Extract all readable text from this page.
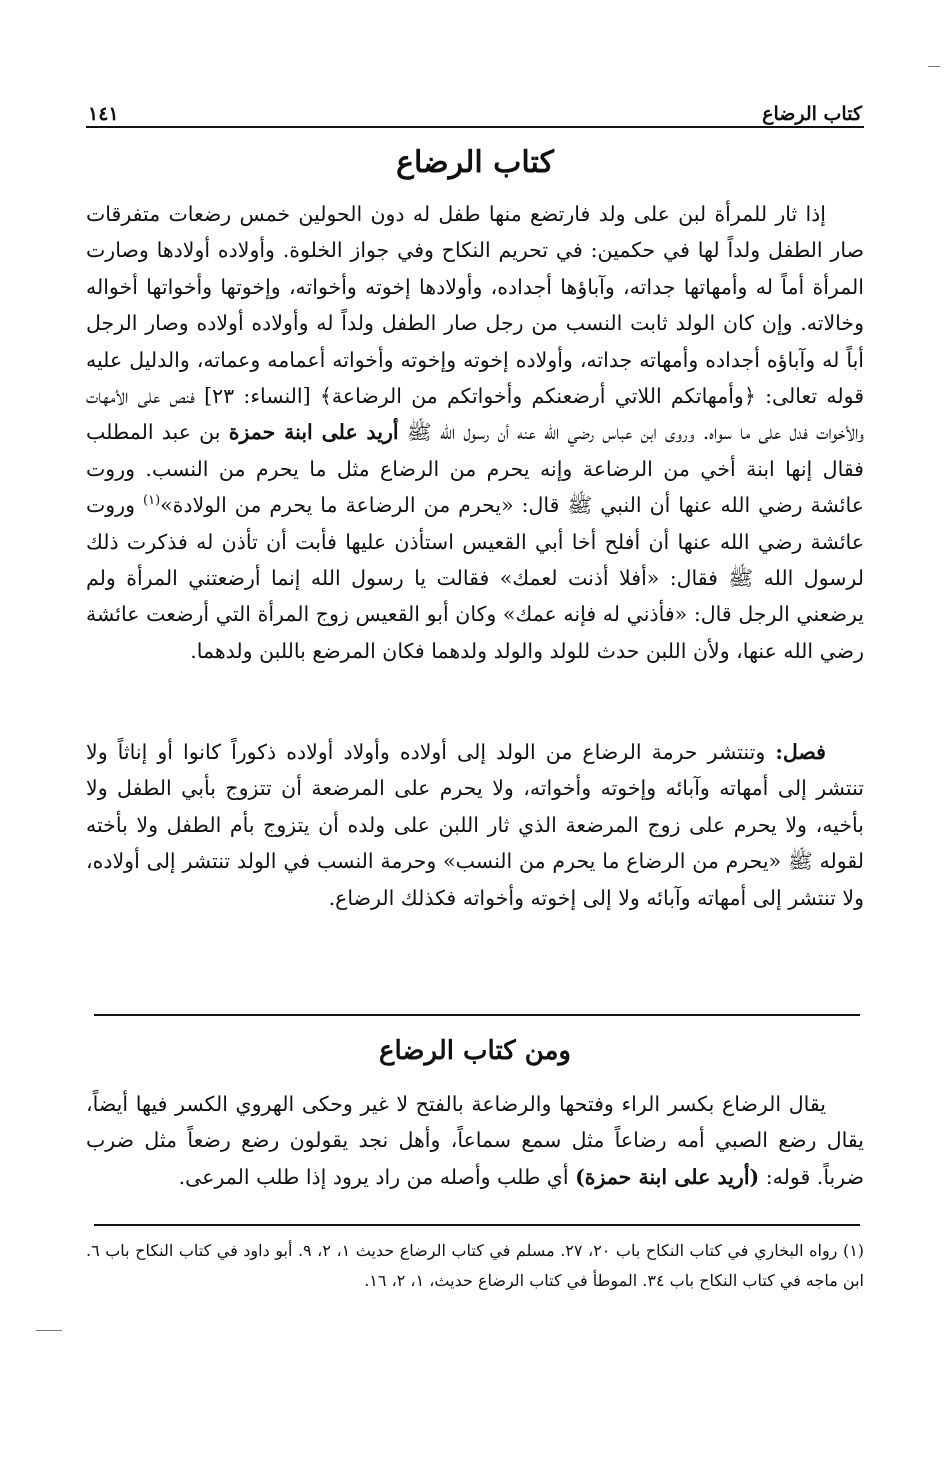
كتاب الرضاع
١٤١
كتاب الرضاع

إذا ثار للمرأة لبن على ولد فارتضع منها طفل له دون الحولين خمس رضعات متفرقات صار الطفل ولداً لها في حكمين: في تحريم النكاح وفي جواز الخلوة. وأولاده أولادها وصارت المرأة أماً له وأمهاتها جداته، وآباؤها أجداده، وأولادها إخوته وأخواته، وإخوتها وأخواتها أخواله وخالاته. وإن كان الولد ثابت النسب من رجل صار الطفل ولداً له وأولاده أولاده وصار الرجل أباً له وآباؤه أجداده وأمهاته جداته، وأولاده إخوته وإخوته وأخواته أعمامه وعماته، والدليل عليه قوله تعالى: ﴿وأمهاتكم اللاتي أرضعنكم وأخواتكم من الرضاعة﴾ [النساء: ٢٣] فنص على الأمهات والأخوات فدل على ما سواه. وروى ابن عباس رضي الله عنه أن رسول الله ﷺ أريد على ابنة حمزة بن عبد المطلب فقال إنها ابنة أخي من الرضاعة وإنه يحرم من الرضاع مثل ما يحرم من النسب. وروت عائشة رضي الله عنها أن النبي ﷺ قال: «يحرم من الرضاعة ما يحرم من الولادة»$^{(١)}$ وروت عائشة رضي الله عنها أن أفلح أخا أبي القعيس استأذن عليها فأبت أن تأذن له فذكرت ذلك لرسول الله ﷺ فقال: «أفلا أذنت لعمك» فقالت يا رسول الله إنما أرضعتني المرأة ولم يرضعني الرجل قال: «فأذني له فإنه عمك» وكان أبو القعيس زوج المرأة التي أرضعت عائشة رضي الله عنها، ولأن اللبن حدث للولد والولد ولدهما فكان المرضع باللبن ولدهما.

فصل: وتنتشر حرمة الرضاع من الولد إلى أولاده وأولاد أولاده ذكوراً كانوا أو إناثاً ولا تنتشر إلى أمهاته وآبائه وإخوته وأخواته، ولا يحرم على المرضعة أن تتزوج بأبي الطفل ولا بأخيه، ولا يحرم على زوج المرضعة الذي ثار اللبن على ولده أن يتزوج بأم الطفل ولا بأخته لقوله ﷺ «يحرم من الرضاع ما يحرم من النسب» وحرمة النسب في الولد تنتشر إلى أولاده، ولا تنتشر إلى أمهاته وآبائه ولا إلى إخوته وأخواته فكذلك الرضاع.

ومن كتاب الرضاع

يقال الرضاع بكسر الراء وفتحها والرضاعة بالفتح لا غير وحكى الهروي الكسر فيها أيضاً، يقال رضع الصبي أمه رضاعاً مثل سمع سماعاً، وأهل نجد يقولون رضع رضعاً مثل ضرب ضرباً. قوله: (أريد على ابنة حمزة) أي طلب وأصله من راد يرود إذا طلب المرعى.

(١) رواه البخاري في كتاب النكاح باب ٢٠، ٢٧. مسلم في كتاب الرضاع حديث ١، ٢، ٩. أبو داود في كتاب النكاح باب ٦. ابن ماجه في كتاب النكاح باب ٣٤. الموطأ في كتاب الرضاع حديث، ١، ٢، ١٦.
